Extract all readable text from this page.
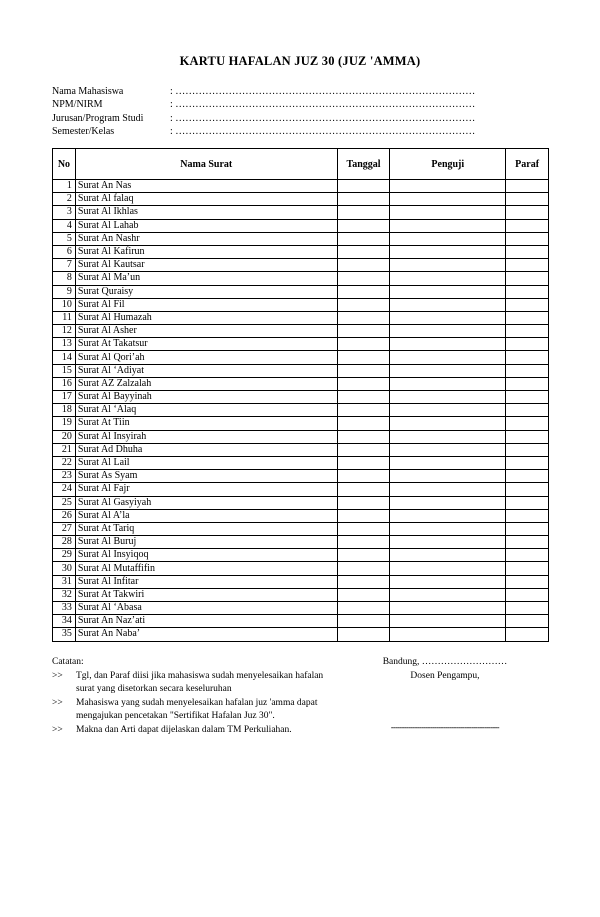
KARTU HAFALAN JUZ 30 (JUZ 'AMMA)
Nama Mahasiswa	: ………………………………………………………………………………
NPM/NIRM	: ………………………………………………………………………………
Jurusan/Program Studi	: ………………………………………………………………………………
Semester/Kelas	: ………………………………………………………………………………
No	Nama Surat	Tanggal	Penguji	Paraf
1	Surat An Nas			
2	Surat Al falaq			
3	Surat Al Ikhlas			
4	Surat Al Lahab			
5	Surat An Nashr			
6	Surat Al Kafirun			
7	Surat Al Kautsar			
8	Surat Al Ma’un			
9	Surat Quraisy			
10	Surat Al Fil			
11	Surat Al Humazah			
12	Surat Al Asher			
13	Surat At Takatsur			
14	Surat Al Qori’ah			
15	Surat Al ‘Adiyat			
16	Surat AZ Zalzalah			
17	Surat Al Bayyinah			
18	Surat Al ‘Alaq			
19	Surat At Tiin			
20	Surat Al Insyirah			
21	Surat Ad Dhuha			
22	Surat Al Lail			
23	Surat As Syam			
24	Surat Al Fajr			
25	Surat Al Gasyiyah			
26	Surat Al A’la			
27	Surat At Tariq			
28	Surat Al Buruj			
29	Surat Al Insyiqoq			
30	Surat Al Mutaffifin			
31	Surat Al Infitar			
32	Surat At Takwiri			
33	Surat Al ‘Abasa			
34	Surat An Naz’ati			
35	Surat An Naba’			
Catatan:
>>	Tgl, dan Paraf diisi jika mahasiswa sudah menyelesaikan hafalan surat yang disetorkan secara keseluruhan
>>	Mahasiswa yang sudah menyelesaikan hafalan juz 'amma dapat mengajukan pencetakan "Sertifikat Hafalan Juz 30".
>>	Makna dan Arti dapat dijelaskan dalam TM Perkuliahan.
Bandung, ………………………
Dosen Pengampu,
--------------------------------------------------
